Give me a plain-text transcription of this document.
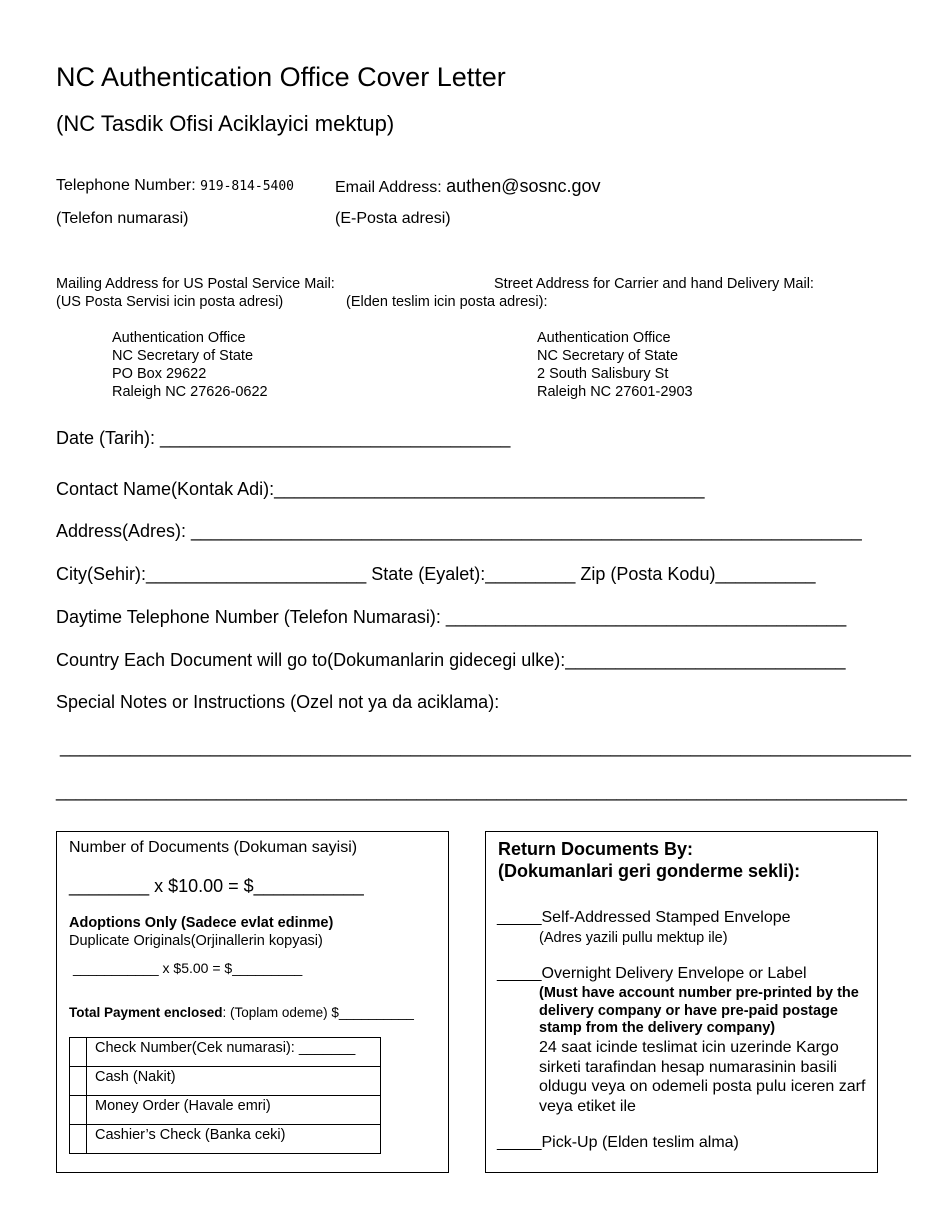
NC Authentication Office Cover Letter
(NC Tasdik Ofisi Aciklayici mektup)
Telephone Number: 919-814-5400
(Telefon numarasi)
Email Address: authen@sosnc.gov
(E-Posta adresi)
Mailing Address for US Postal Service Mail:
(US Posta Servisi icin posta adresi)
Street Address for Carrier and hand Delivery Mail:
(Elden teslim icin posta adresi):
Authentication Office
NC Secretary of State
PO Box 29622
Raleigh NC 27626-0622
Authentication Office
NC Secretary of State
2 South Salisbury St
Raleigh NC 27601-2903
Date (Tarih): ___________________________________
Contact Name(Kontak Adi):___________________________________________
Address(Adres): ___________________________________________________________________
City(Sehir):______________________ State (Eyalet):_________ Zip (Posta Kodu)__________
Daytime Telephone Number (Telefon Numarasi): ________________________________________
Country Each Document will go to(Dokumanlarin gidecegi ulke):____________________________
Special Notes or Instructions (Ozel not ya da aciklama):
_____________________________________________________________________________________
_____________________________________________________________________________________
Number of Documents (Dokuman sayisi)
________ x $10.00 = $___________
Adoptions Only (Sadece evlat edinme)
Duplicate Originals(Orjinallerin kopyasi)
___________ x $5.00 = $_________
Total Payment enclosed: (Toplam odeme) $__________
	Check Number(Cek numarasi): _______
	Cash (Nakit)
	Money Order (Havale emri)
	Cashier’s Check (Banka ceki)
Return Documents By:
(Dokumanlari geri gonderme sekli):
_____Self-Addressed Stamped Envelope
(Adres yazili pullu mektup ile)
_____Overnight Delivery Envelope or Label
(Must have account number pre-printed by the delivery company or have pre-paid postage stamp from the delivery company)
24 saat icinde teslimat icin uzerinde Kargo sirketi tarafindan hesap numarasinin basili oldugu veya on odemeli posta pulu iceren zarf veya etiket ile
_____Pick-Up (Elden teslim alma)
